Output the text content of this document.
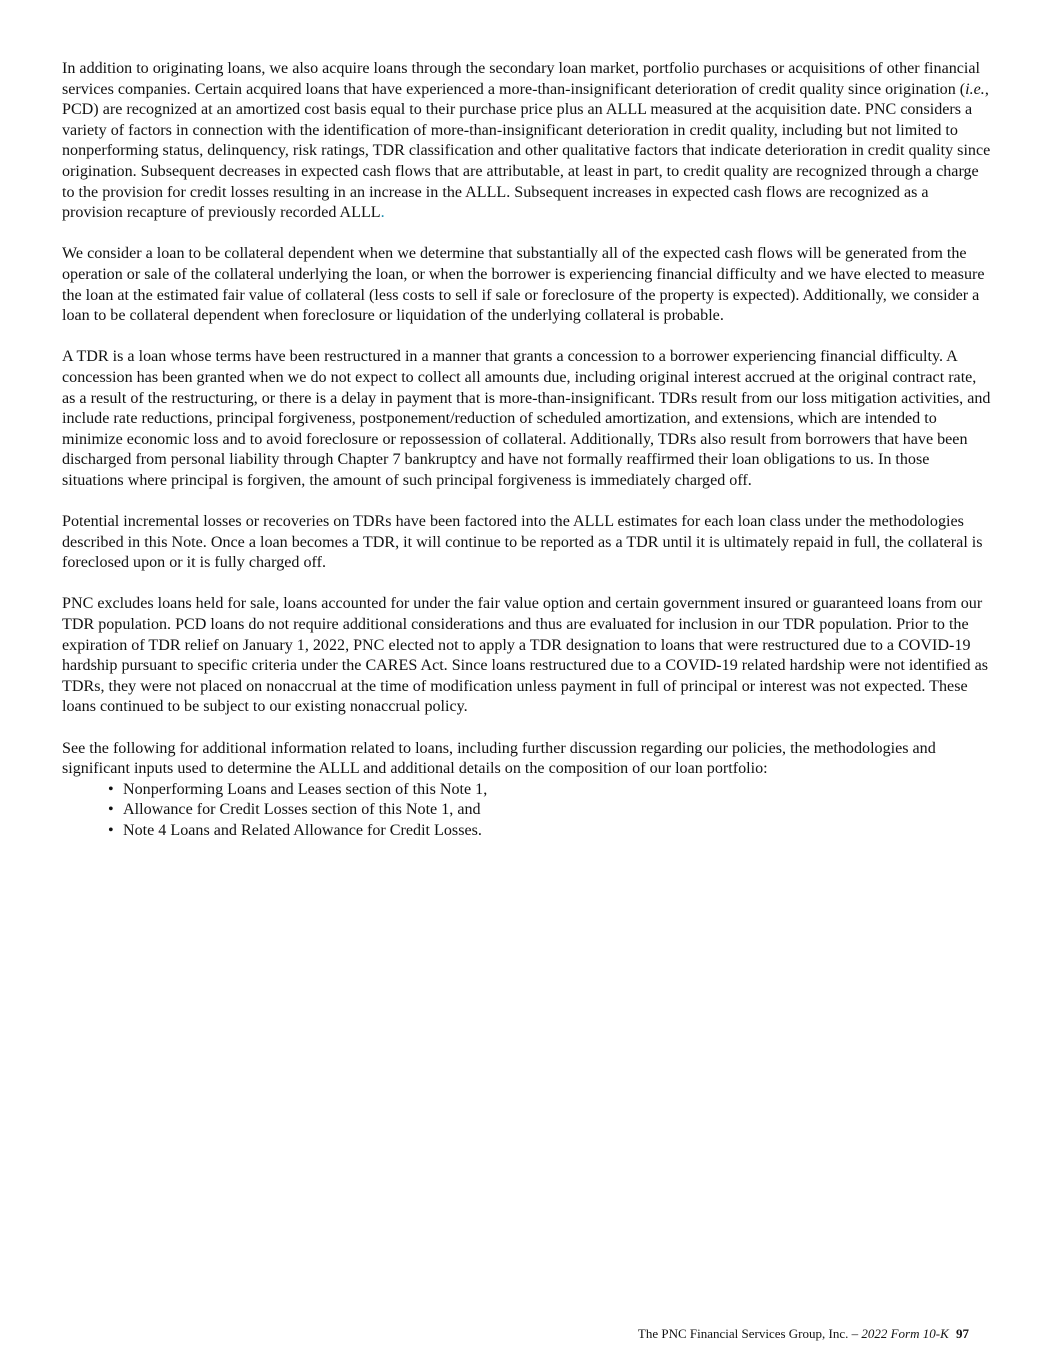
In addition to originating loans, we also acquire loans through the secondary loan market, portfolio purchases or acquisitions of other financial services companies. Certain acquired loans that have experienced a more-than-insignificant deterioration of credit quality since origination (i.e., PCD) are recognized at an amortized cost basis equal to their purchase price plus an ALLL measured at the acquisition date. PNC considers a variety of factors in connection with the identification of more-than-insignificant deterioration in credit quality, including but not limited to nonperforming status, delinquency, risk ratings, TDR classification and other qualitative factors that indicate deterioration in credit quality since origination. Subsequent decreases in expected cash flows that are attributable, at least in part, to credit quality are recognized through a charge to the provision for credit losses resulting in an increase in the ALLL. Subsequent increases in expected cash flows are recognized as a provision recapture of previously recorded ALLL.

We consider a loan to be collateral dependent when we determine that substantially all of the expected cash flows will be generated from the operation or sale of the collateral underlying the loan, or when the borrower is experiencing financial difficulty and we have elected to measure the loan at the estimated fair value of collateral (less costs to sell if sale or foreclosure of the property is expected). Additionally, we consider a loan to be collateral dependent when foreclosure or liquidation of the underlying collateral is probable.

A TDR is a loan whose terms have been restructured in a manner that grants a concession to a borrower experiencing financial difficulty. A concession has been granted when we do not expect to collect all amounts due, including original interest accrued at the original contract rate, as a result of the restructuring, or there is a delay in payment that is more-than-insignificant. TDRs result from our loss mitigation activities, and include rate reductions, principal forgiveness, postponement/reduction of scheduled amortization, and extensions, which are intended to minimize economic loss and to avoid foreclosure or repossession of collateral. Additionally, TDRs also result from borrowers that have been discharged from personal liability through Chapter 7 bankruptcy and have not formally reaffirmed their loan obligations to us. In those situations where principal is forgiven, the amount of such principal forgiveness is immediately charged off.

Potential incremental losses or recoveries on TDRs have been factored into the ALLL estimates for each loan class under the methodologies described in this Note. Once a loan becomes a TDR, it will continue to be reported as a TDR until it is ultimately repaid in full, the collateral is foreclosed upon or it is fully charged off.

PNC excludes loans held for sale, loans accounted for under the fair value option and certain government insured or guaranteed loans from our TDR population. PCD loans do not require additional considerations and thus are evaluated for inclusion in our TDR population. Prior to the expiration of TDR relief on January 1, 2022, PNC elected not to apply a TDR designation to loans that were restructured due to a COVID-19 hardship pursuant to specific criteria under the CARES Act. Since loans restructured due to a COVID-19 related hardship were not identified as TDRs, they were not placed on nonaccrual at the time of modification unless payment in full of principal or interest was not expected. These loans continued to be subject to our existing nonaccrual policy.

See the following for additional information related to loans, including further discussion regarding our policies, the methodologies and significant inputs used to determine the ALLL and additional details on the composition of our loan portfolio:

• Nonperforming Loans and Leases section of this Note 1,
• Allowance for Credit Losses section of this Note 1, and
• Note 4 Loans and Related Allowance for Credit Losses.
The PNC Financial Services Group, Inc. – 2022 Form 10-K 97
